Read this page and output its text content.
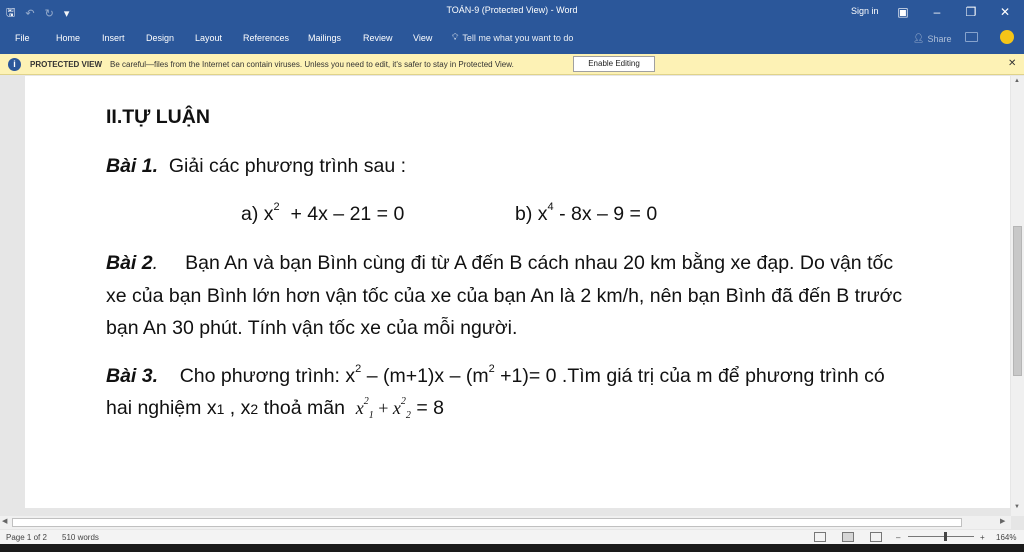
🖫 ↶ ↻ ▾	TOÁN-9 (Protected View) - Word	Sign in	▣	–	❐	✕
File	Home Insert Design Layout References Mailings Review View 💡︎ Tell me what you want to do	👤︎ Share
i	PROTECTED VIEW Be careful—files from the Internet can contain viruses. Unless you need to edit, it's safer to stay in Protected View.	Enable Editing	✕
II.TỰ LUẬN
Bài 1. Giải các phương trình sau :
a) $x^2 + 4x - 21 = 0$	b) $x^4 - 8x - 9 = 0$
Bài 2. Bạn An và bạn Bình cùng đi từ A đến B cách nhau 20 km bằng xe đạp. Do vận tốc
xe của bạn Bình lớn hơn vận tốc của xe của bạn An là 2 km/h, nên bạn Bình đã đến B trước
bạn An 30 phút. Tính vận tốc xe của mỗi người.
Bài 3. Cho phương trình: $x^2 - (m+1)x - (m^2 +1)= 0$ .Tìm giá trị của m để phương trình có
hai nghiệm x1 , x2 thoả mãn $x^2_1 + x^2_2 = 8$
▲
▼
◀	▶
Page 1 of 2 510 words	–	+ 164%
